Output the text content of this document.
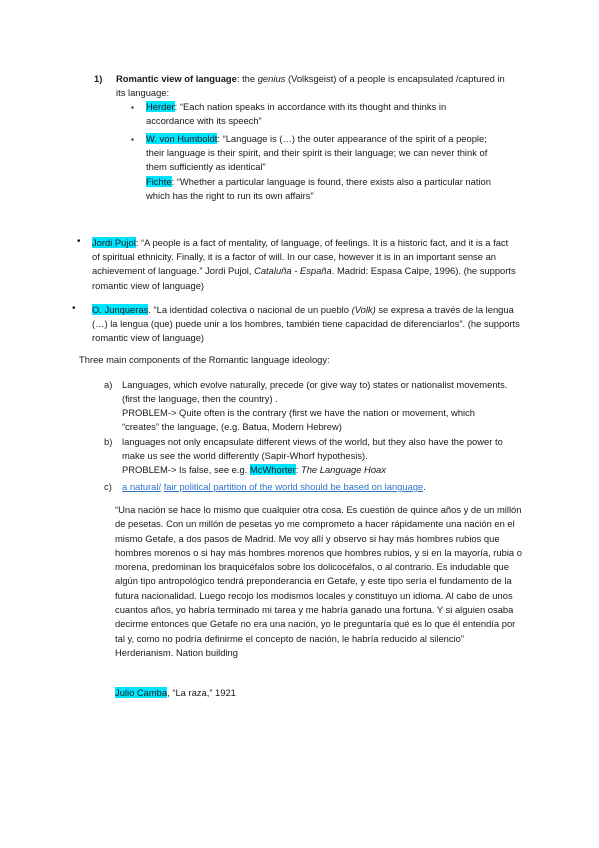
1) Romantic view of language: the genius (Volksgeist) of a people is encapsulated /captured in its language:

▪ Herder: “Each nation speaks in accordance with its thought and thinks in accordance with its speech”

▪ W. von Humboldt: “Language is (…) the outer appearance of the spirit of a people; their language is their spirit, and their spirit is their language; we can never think of them sufficiently as identical”

Fichte: “Whether a particular language is found, there exists also a particular nation which has the right to run its own affairs”

• Jordi Pujol: “A people is a fact of mentality, of language, of feelings. It is a historic fact, and it is a fact of spiritual ethnicity. Finally, it is a factor of will. In our case, however it is in an important sense an achievement of language.” Jordi Pujol, Cataluña - España. Madrid: Espasa Calpe, 1996). (he supports romantic view of language)

• O. Junqueras. “La identidad colectiva o nacional de un pueblo (Volk) se expresa a través de la lengua (…) la lengua (que) puede unir a los hombres, también tiene capacidad de diferenciarlos”. (he supports romantic view of language)

Three main components of the Romantic language ideology:

a) Languages, which evolve naturally, precede (or give way to) states or nationalist movements. (first the language, then the country) .

PROBLEM-> Quite often is the contrary (first we have the nation or movement, which “creates” the language, (e.g. Batua, Modern Hebrew)

b) languages not only encapsulate different views of the world, but they also have the power to make us see the world differently (Sapir-Whorf hypothesis).

PROBLEM-> Is false, see e.g. McWhorter: The Language Hoax

c) a natural/ fair political partition of the world should be based on language.

“Una nación se hace lo mismo que cualquier otra cosa. Es cuestión de quince años y de un millón de pesetas. Con un millón de pesetas yo me comprometo a hacer rápidamente una nación en el mismo Getafe, a dos pasos de Madrid. Me voy allí y observo si hay más hombres rubios que hombres morenos o si hay más hombres morenos que hombres rubios, y si en la mayoría, rubia o morena, predominan los braquicéfalos sobre los dolicocéfalos, o al contrario. Es indudable que algún tipo antropológico tendrá preponderancia en Getafe, y este tipo sería el fundamento de la futura nacionalidad. Luego recojo los modismos locales y constituyo un idioma. Al cabo de unos cuantos años, yo habría terminado mi tarea y me habría ganado una fortuna. Y si alguien osaba decirme entonces que Getafe no era una nación, yo le preguntaría qué es lo que él entendía por tal y, como no podría definirme el concepto de nación, le habría reducido al silencio” Herderianism. Nation building

Julio Camba, “La raza,” 1921
